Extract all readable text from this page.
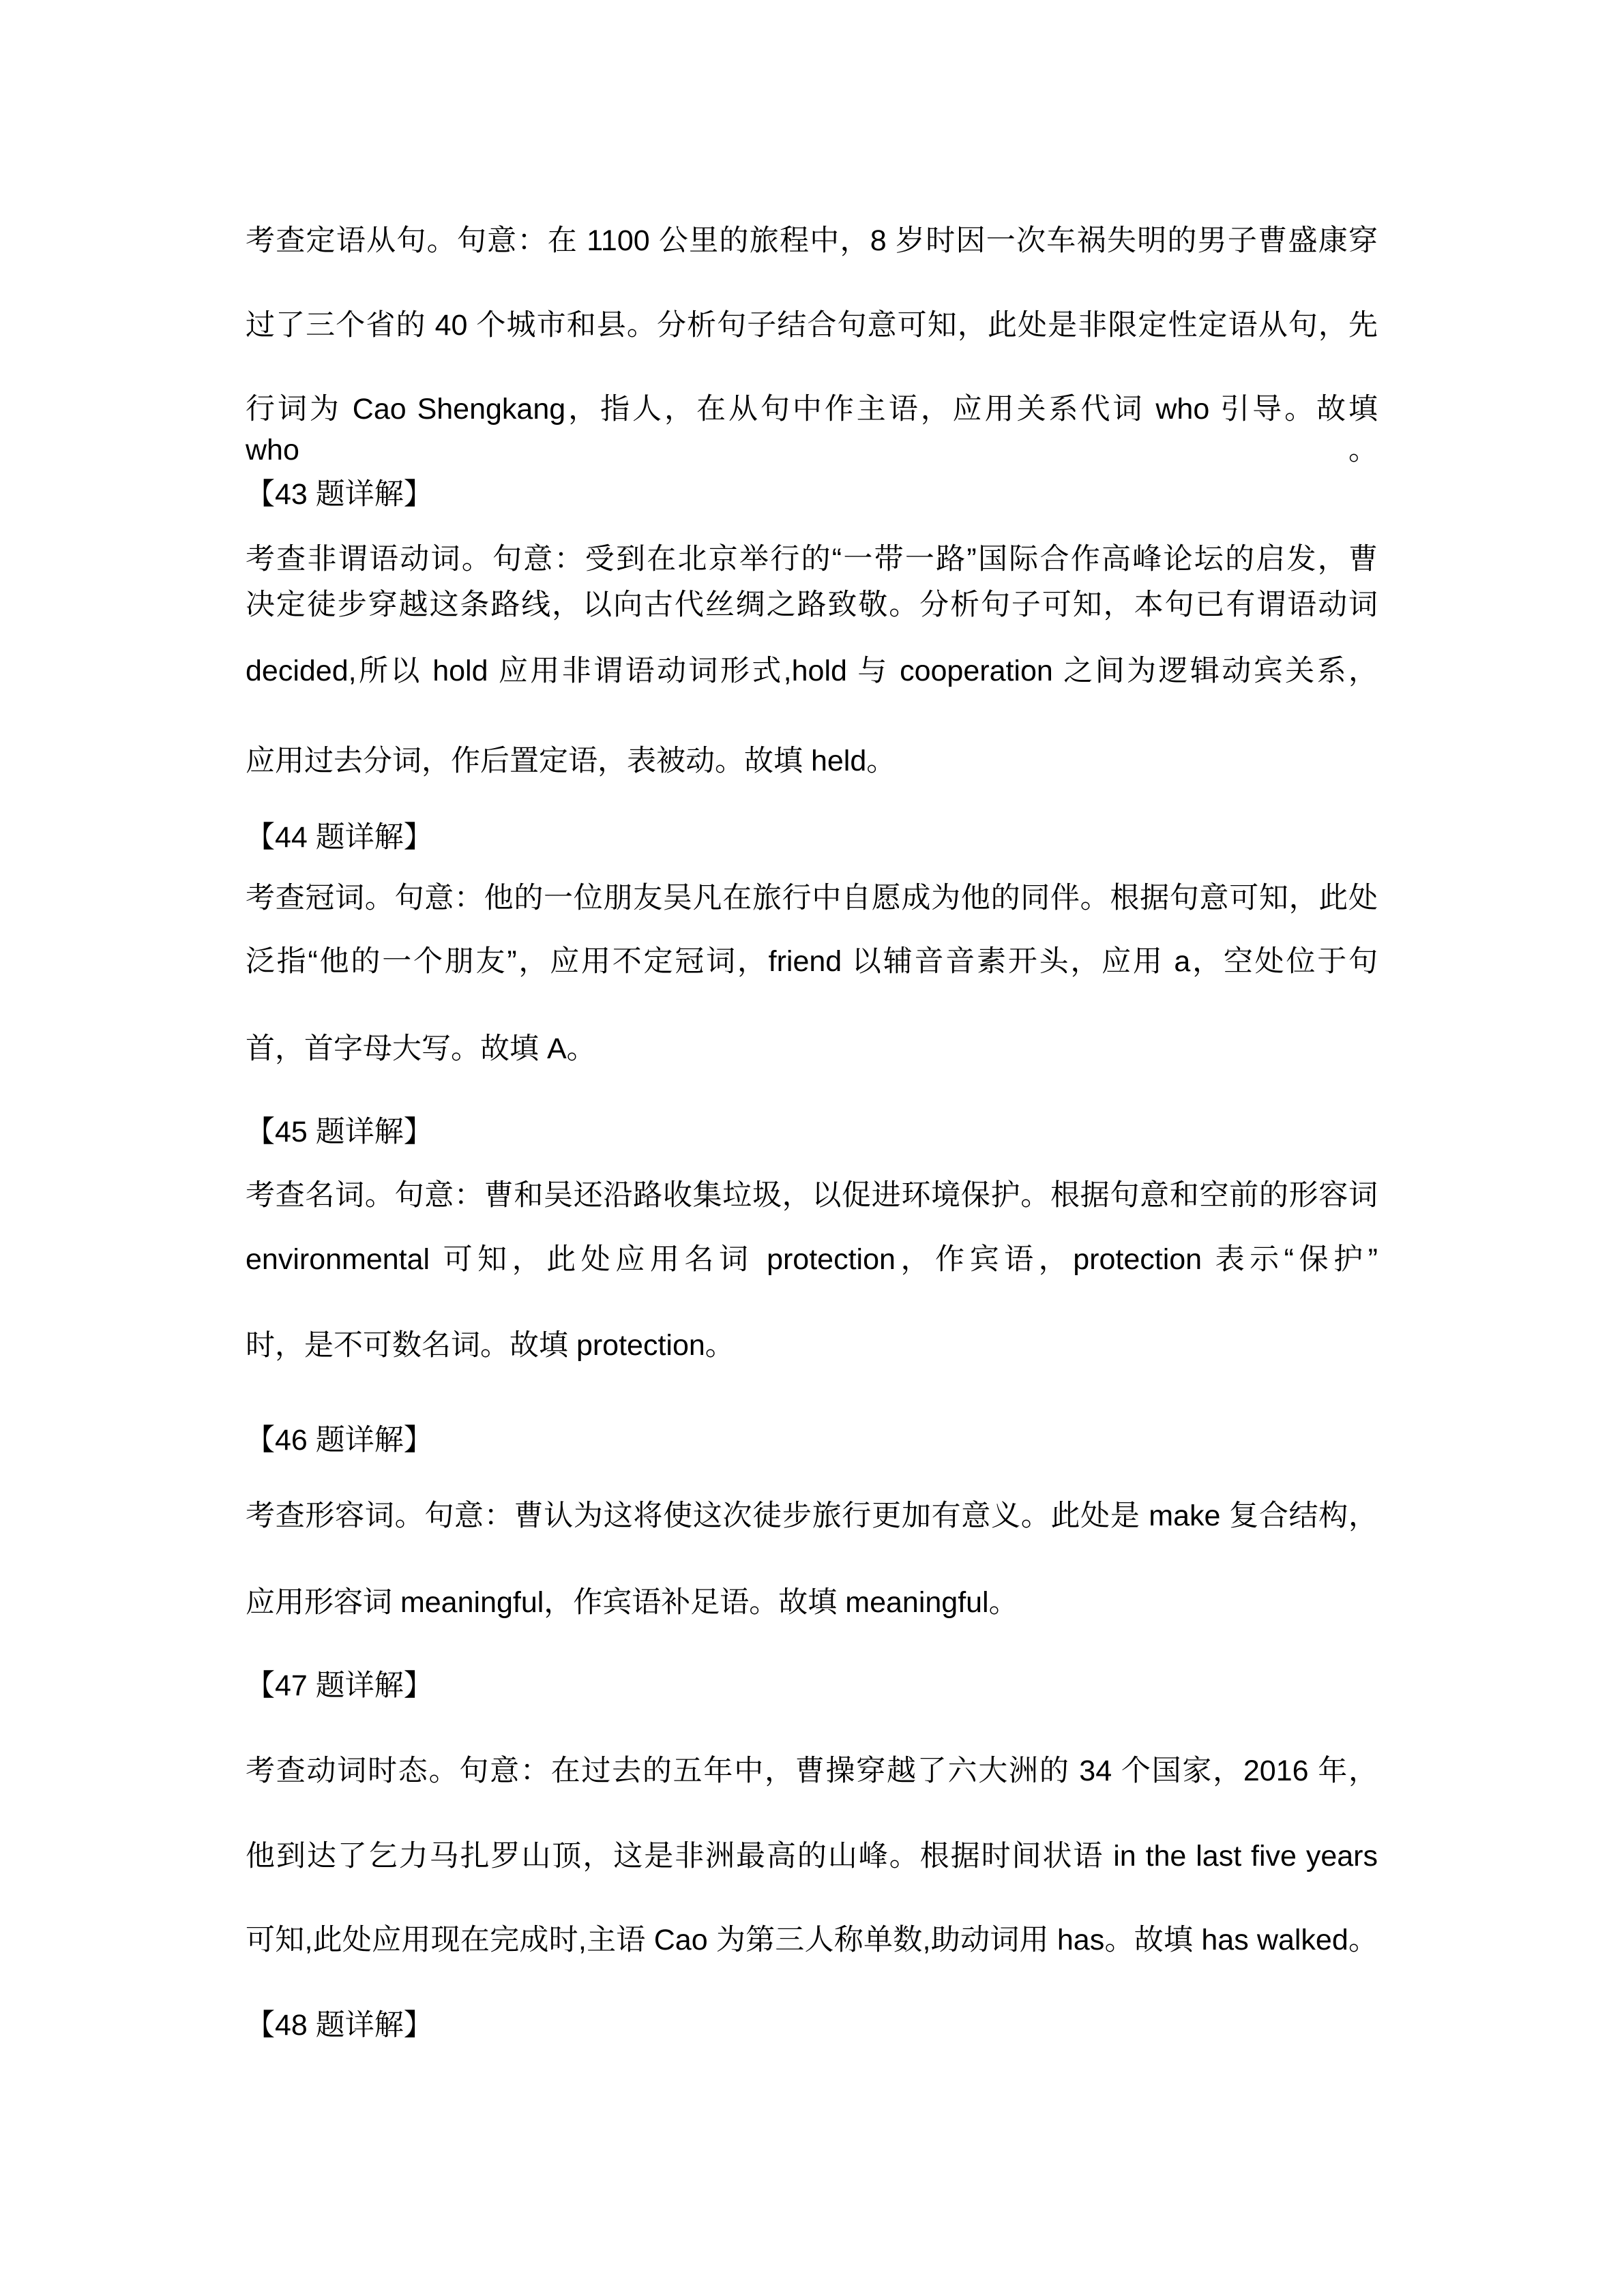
考查定语从句。句意：在 1100 公里的旅程中，8 岁时因一次车祸失明的男子曹盛康穿
过了三个省的 40 个城市和县。分析句子结合句意可知，此处是非限定性定语从句，先
行词为 Cao Shengkang，指人，在从句中作主语，应用关系代词 who 引导。故填 who。
【43 题详解】
考查非谓语动词。句意：受到在北京举行的“一带一路”国际合作高峰论坛的启发，曹
决定徒步穿越这条路线，以向古代丝绸之路致敬。分析句子可知，本句已有谓语动词
decided,所以 hold 应用非谓语动词形式,hold 与 cooperation 之间为逻辑动宾关系，
应用过去分词，作后置定语，表被动。故填 held。
【44 题详解】
考查冠词。句意：他的一位朋友吴凡在旅行中自愿成为他的同伴。根据句意可知，此处
泛指“他的一个朋友”，应用不定冠词，friend 以辅音音素开头，应用 a，空处位于句
首，首字母大写。故填 A。
【45 题详解】
考查名词。句意：曹和吴还沿路收集垃圾，以促进环境保护。根据句意和空前的形容词
environmental 可知，此处应用名词 protection，作宾语，protection 表示“保护”
时，是不可数名词。故填 protection。
【46 题详解】
考查形容词。句意：曹认为这将使这次徒步旅行更加有意义。此处是 make 复合结构，
应用形容词 meaningful，作宾语补足语。故填 meaningful。
【47 题详解】
考查动词时态。句意：在过去的五年中，曹操穿越了六大洲的 34 个国家，2016 年，
他到达了乞力马扎罗山顶，这是非洲最高的山峰。根据时间状语 in the last five years
可知,此处应用现在完成时,主语 Cao 为第三人称单数,助动词用 has。故填 has walked。
【48 题详解】
